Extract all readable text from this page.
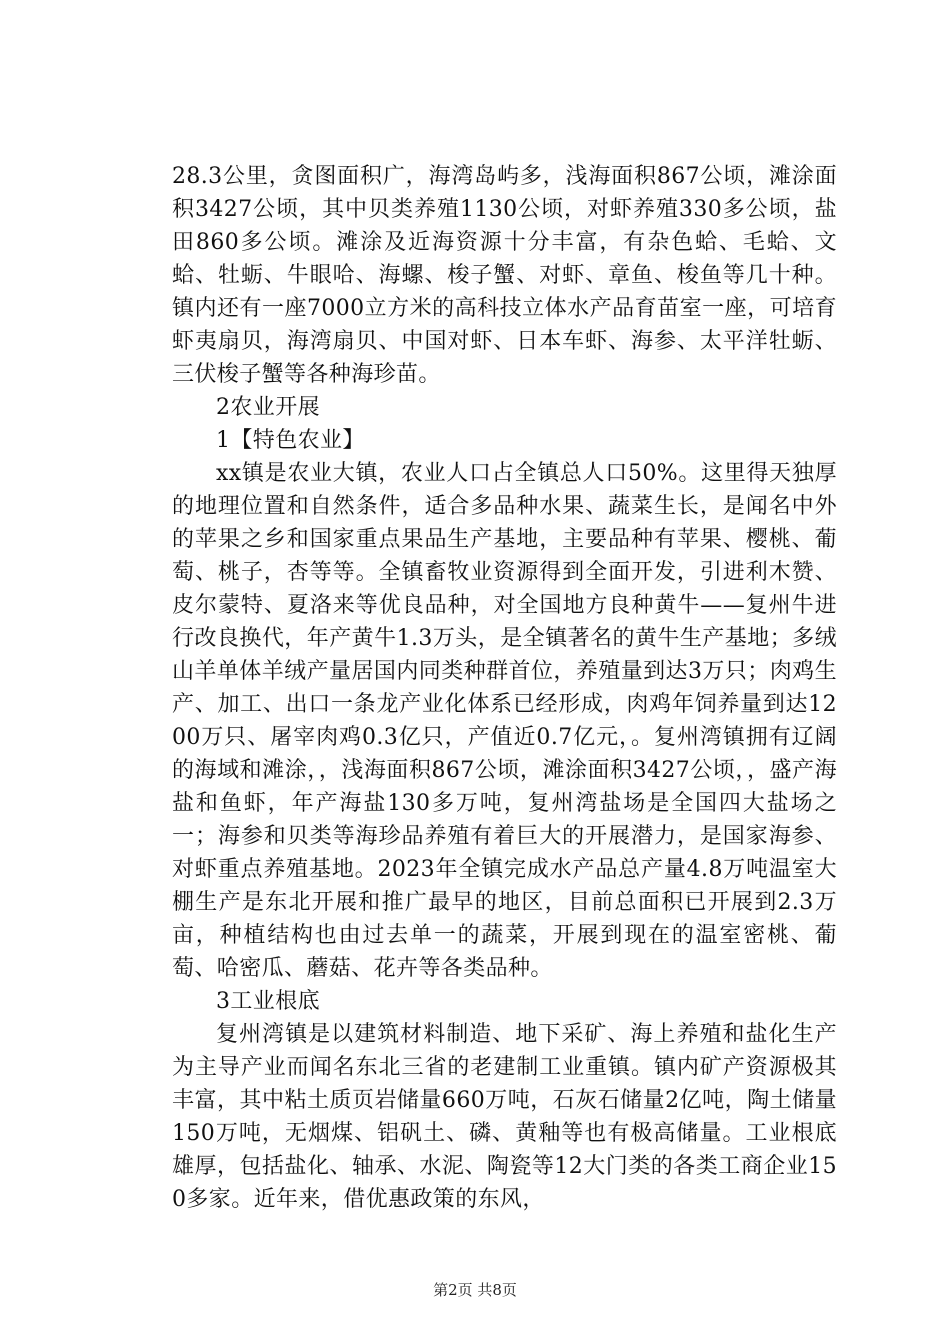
28.3公里，贪图面积广，海湾岛屿多，浅海面积867公顷，滩涂面积3427公顷，其中贝类养殖1130公顷，对虾养殖330多公顷，盐田860多公顷。滩涂及近海资源十分丰富，有杂色蛤、毛蛤、文蛤、牡蛎、牛眼哈、海螺、梭子蟹、对虾、章鱼、梭鱼等几十种。镇内还有一座7000立方米的高科技立体水产品育苗室一座，可培育虾夷扇贝，海湾扇贝、中国对虾、日本车虾、海参、太平洋牡蛎、三伏梭子蟹等各种海珍苗。

2农业开展

1【特色农业】

xx镇是农业大镇，农业人口占全镇总人口50%。这里得天独厚的地理位置和自然条件，适合多品种水果、蔬菜生长，是闻名中外的苹果之乡和国家重点果品生产基地，主要品种有苹果、樱桃、葡萄、桃子，杏等等。全镇畜牧业资源得到全面开发，引进利木赞、皮尔蒙特、夏洛来等优良品种，对全国地方良种黄牛——复州牛进行改良换代，年产黄牛1.3万头，是全镇著名的黄牛生产基地；多绒山羊单体羊绒产量居国内同类种群首位，养殖量到达3万只；肉鸡生产、加工、出口一条龙产业化体系已经形成，肉鸡年饲养量到达1200万只、屠宰肉鸡0.3亿只，产值近0.7亿元，。复州湾镇拥有辽阔的海域和滩涂，，浅海面积867公顷，滩涂面积3427公顷，，盛产海盐和鱼虾，年产海盐130多万吨，复州湾盐场是全国四大盐场之一；海参和贝类等海珍品养殖有着巨大的开展潜力，是国家海参、对虾重点养殖基地。2023年全镇完成水产品总产量4.8万吨温室大棚生产是东北开展和推广最早的地区，目前总面积已开展到2.3万亩，种植结构也由过去单一的蔬菜，开展到现在的温室密桃、葡萄、哈密瓜、蘑菇、花卉等各类品种。

3工业根底

复州湾镇是以建筑材料制造、地下采矿、海上养殖和盐化生产为主导产业而闻名东北三省的老建制工业重镇。镇内矿产资源极其丰富，其中粘土质页岩储量660万吨，石灰石储量2亿吨，陶土储量150万吨，无烟煤、铝矾土、磷、黄釉等也有极高储量。工业根底雄厚，包括盐化、轴承、水泥、陶瓷等12大门类的各类工商企业150多家。近年来，借优惠政策的东风，

第2页 共8页
